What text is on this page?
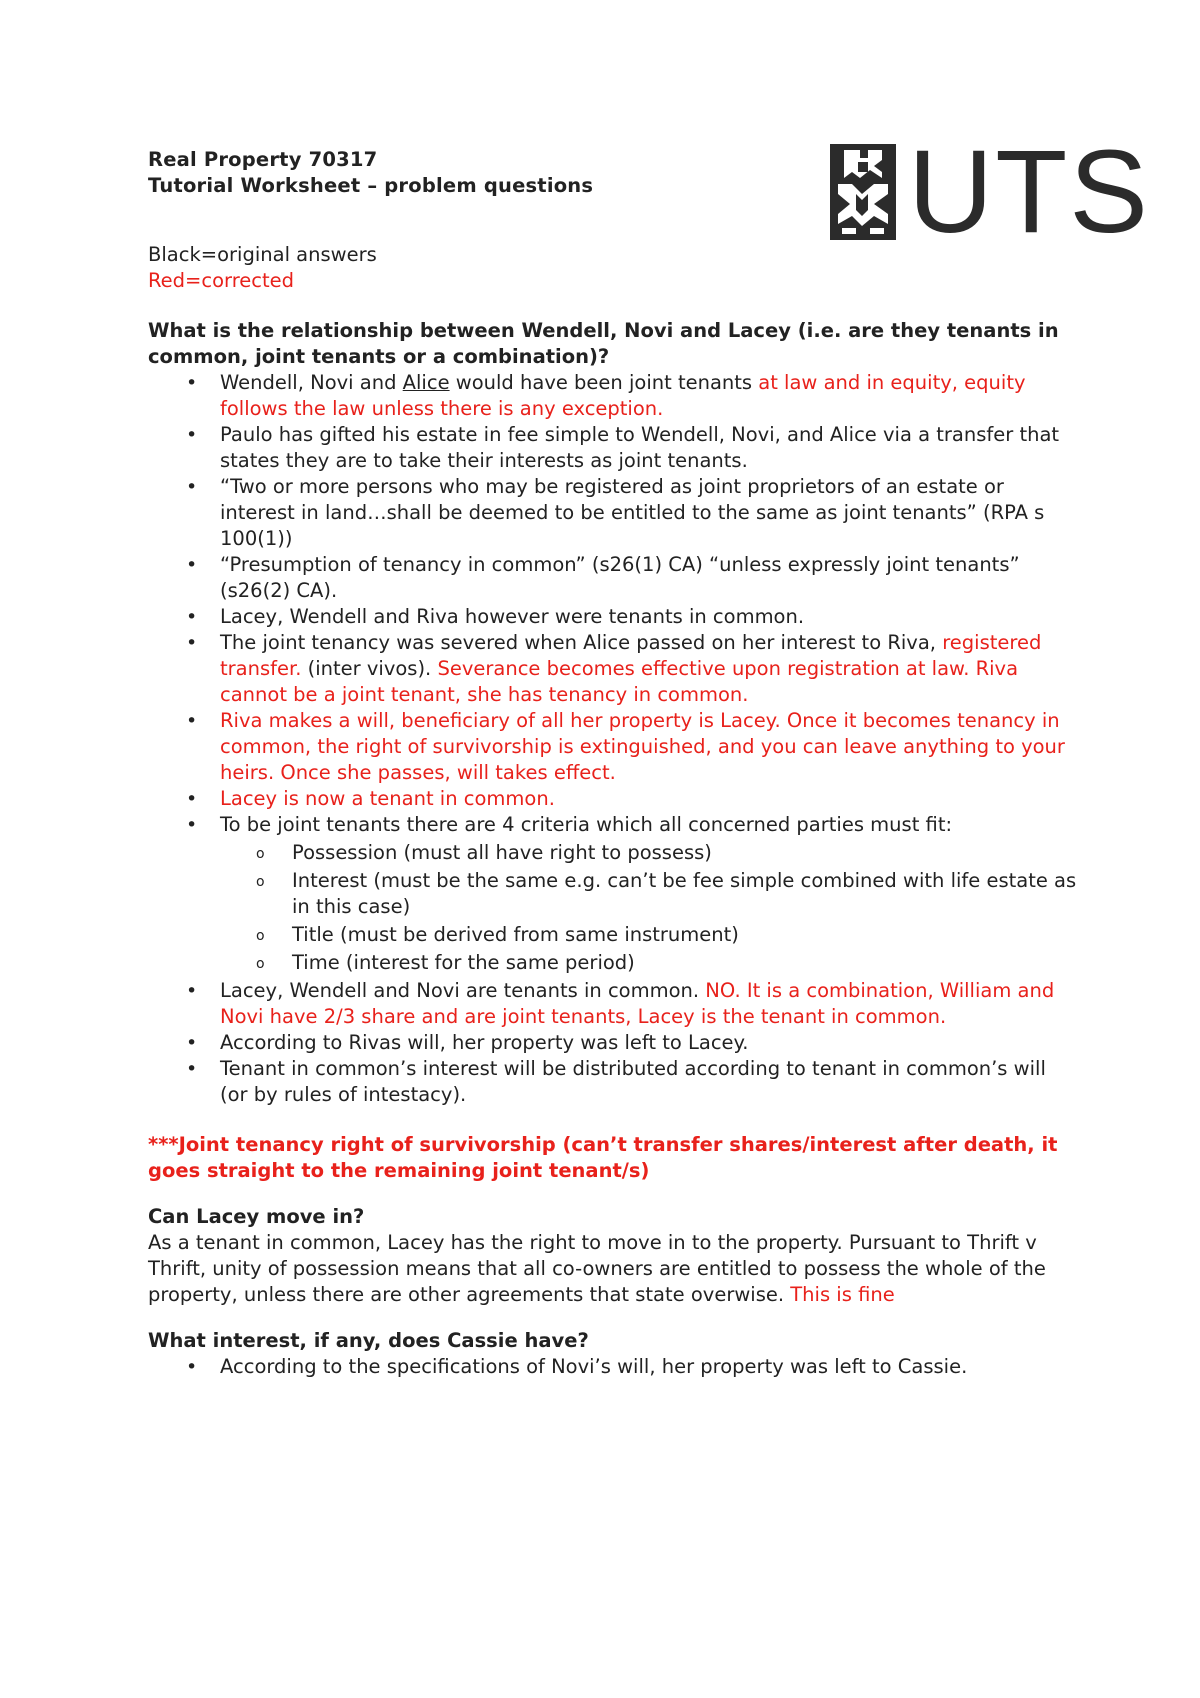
UTS

Real Property 70317

Tutorial Worksheet – problem questions

Black=original answers

Red=corrected

What is the relationship between Wendell, Novi and Lacey (i.e. are they tenants in common, joint tenants or a combination)?

• Wendell, Novi and Alice would have been joint tenants at law and in equity, equity follows the law unless there is any exception.
• Paulo has gifted his estate in fee simple to Wendell, Novi, and Alice via a transfer that states they are to take their interests as joint tenants.
• “Two or more persons who may be registered as joint proprietors of an estate or interest in land…shall be deemed to be entitled to the same as joint tenants” (RPA s 100(1))
• “Presumption of tenancy in common” (s26(1) CA) “unless expressly joint tenants” (s26(2) CA).
• Lacey, Wendell and Riva however were tenants in common.
• The joint tenancy was severed when Alice passed on her interest to Riva, registered transfer. (inter vivos). Severance becomes effective upon registration at law. Riva cannot be a joint tenant, she has tenancy in common.
• Riva makes a will, beneficiary of all her property is Lacey. Once it becomes tenancy in common, the right of survivorship is extinguished, and you can leave anything to your heirs. Once she passes, will takes effect.
• Lacey is now a tenant in common.
• To be joint tenants there are 4 criteria which all concerned parties must fit:
o Possession (must all have right to possess)
o Interest (must be the same e.g. can’t be fee simple combined with life estate as in this case)
o Title (must be derived from same instrument)
o Time (interest for the same period)
• Lacey, Wendell and Novi are tenants in common. NO. It is a combination, William and Novi have 2/3 share and are joint tenants, Lacey is the tenant in common.
• According to Rivas will, her property was left to Lacey.
• Tenant in common’s interest will be distributed according to tenant in common’s will (or by rules of intestacy).

***Joint tenancy right of survivorship (can’t transfer shares/interest after death, it goes straight to the remaining joint tenant/s)

Can Lacey move in?

As a tenant in common, Lacey has the right to move in to the property. Pursuant to Thrift v Thrift, unity of possession means that all co-owners are entitled to possess the whole of the property, unless there are other agreements that state overwise. This is fine

What interest, if any, does Cassie have?

• According to the specifications of Novi’s will, her property was left to Cassie.
